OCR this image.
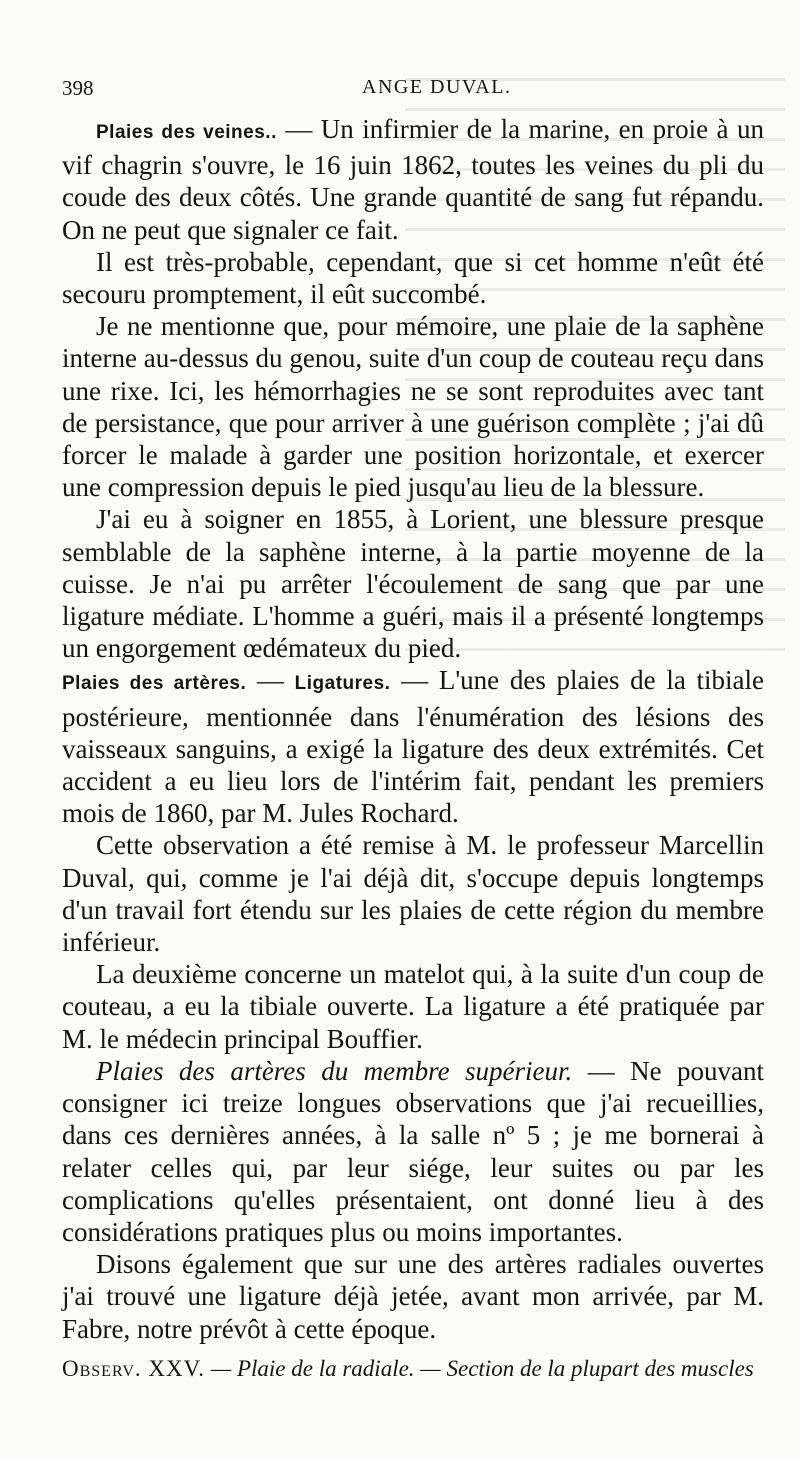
398	ANGE DUVAL.

Plaies des veines.. — Un infirmier de la marine, en proie à un vif chagrin s'ouvre, le 16 juin 1862, toutes les veines du pli du coude des deux côtés. Une grande quantité de sang fut répandu. On ne peut que signaler ce fait.

Il est très-probable, cependant, que si cet homme n'eût été secouru promptement, il eût succombé.

Je ne mentionne que, pour mémoire, une plaie de la saphène interne au-dessus du genou, suite d'un coup de couteau reçu dans une rixe. Ici, les hémorrhagies ne se sont reproduites avec tant de persistance, que pour arriver à une guérison complète ; j'ai dû forcer le malade à garder une position horizontale, et exercer une compression depuis le pied jusqu'au lieu de la blessure.

J'ai eu à soigner en 1855, à Lorient, une blessure presque semblable de la saphène interne, à la partie moyenne de la cuisse. Je n'ai pu arrêter l'écoulement de sang que par une ligature médiate. L'homme a guéri, mais il a présenté longtemps un engorgement œdémateux du pied.

Plaies des artères. — Ligatures. — L'une des plaies de la tibiale postérieure, mentionnée dans l'énumération des lésions des vaisseaux sanguins, a exigé la ligature des deux extrémités. Cet accident a eu lieu lors de l'intérim fait, pendant les premiers mois de 1860, par M. Jules Rochard.

Cette observation a été remise à M. le professeur Marcellin Duval, qui, comme je l'ai déjà dit, s'occupe depuis longtemps d'un travail fort étendu sur les plaies de cette région du membre inférieur.

La deuxième concerne un matelot qui, à la suite d'un coup de couteau, a eu la tibiale ouverte. La ligature a été pratiquée par M. le médecin principal Bouffier.

Plaies des artères du membre supérieur. — Ne pouvant consigner ici treize longues observations que j'ai recueillies, dans ces dernières années, à la salle nº 5 ; je me bornerai à relater celles qui, par leur siége, leur suites ou par les complications qu'elles présentaient, ont donné lieu à des considérations pratiques plus ou moins importantes.

Disons également que sur une des artères radiales ouvertes j'ai trouvé une ligature déjà jetée, avant mon arrivée, par M. Fabre, notre prévôt à cette époque.

Observ. XXV. — Plaie de la radiale. — Section de la plupart des muscles
